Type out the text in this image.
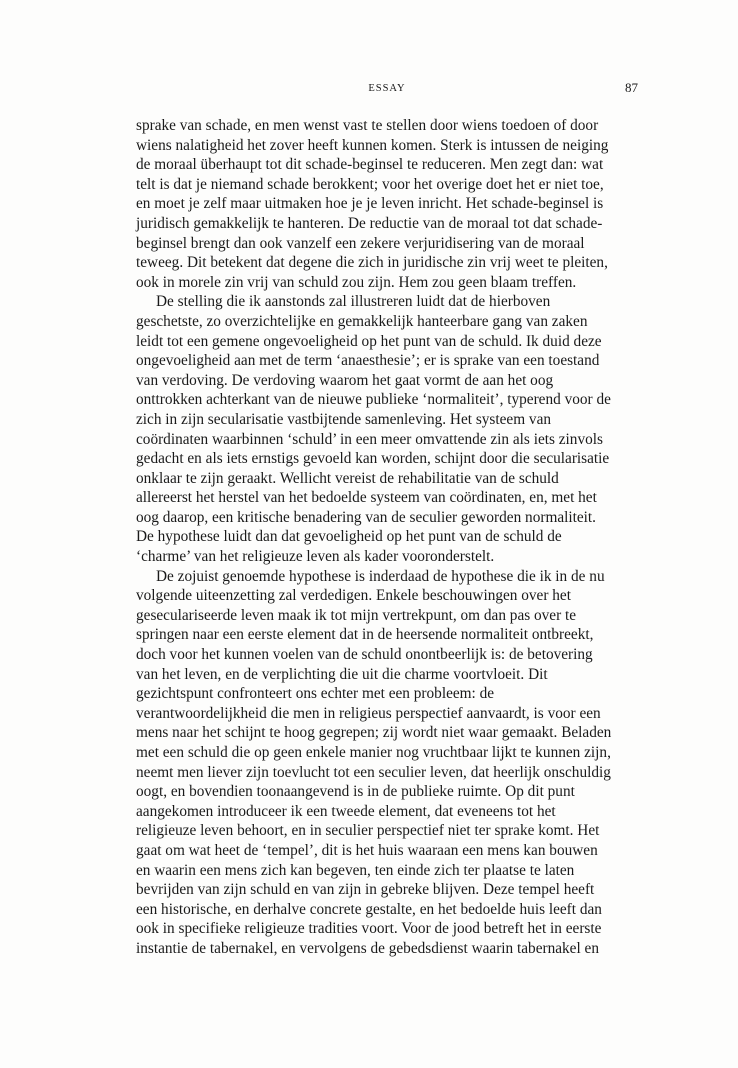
ESSAY	87
sprake van schade, en men wenst vast te stellen door wiens toedoen of door
wiens nalatigheid het zover heeft kunnen komen. Sterk is intussen de neiging
de moraal überhaupt tot dit schade-beginsel te reduceren. Men zegt dan: wat
telt is dat je niemand schade berokkent; voor het overige doet het er niet toe,
en moet je zelf maar uitmaken hoe je je leven inricht. Het schade-beginsel is
juridisch gemakkelijk te hanteren. De reductie van de moraal tot dat schade-
beginsel brengt dan ook vanzelf een zekere verjuridisering van de moraal
teweeg. Dit betekent dat degene die zich in juridische zin vrij weet te pleiten,
ook in morele zin vrij van schuld zou zijn. Hem zou geen blaam treffen.
De stelling die ik aanstonds zal illustreren luidt dat de hierboven
geschetste, zo overzichtelijke en gemakkelijk hanteerbare gang van zaken
leidt tot een gemene ongevoeligheid op het punt van de schuld. Ik duid deze
ongevoeligheid aan met de term ‘anaesthesie’; er is sprake van een toestand
van verdoving. De verdoving waarom het gaat vormt de aan het oog
onttrokken achterkant van de nieuwe publieke ‘normaliteit’, typerend voor de
zich in zijn secularisatie vastbijtende samenleving. Het systeem van
coördinaten waarbinnen ‘schuld’ in een meer omvattende zin als iets zinvols
gedacht en als iets ernstigs gevoeld kan worden, schijnt door die secularisatie
onklaar te zijn geraakt. Wellicht vereist de rehabilitatie van de schuld
allereerst het herstel van het bedoelde systeem van coördinaten, en, met het
oog daarop, een kritische benadering van de seculier geworden normaliteit.
De hypothese luidt dan dat gevoeligheid op het punt van de schuld de
‘charme’ van het religieuze leven als kader vooronderstelt.
De zojuist genoemde hypothese is inderdaad de hypothese die ik in de nu
volgende uiteenzetting zal verdedigen. Enkele beschouwingen over het
geseculariseerde leven maak ik tot mijn vertrekpunt, om dan pas over te
springen naar een eerste element dat in de heersende normaliteit ontbreekt,
doch voor het kunnen voelen van de schuld onontbeerlijk is: de betovering
van het leven, en de verplichting die uit die charme voortvloeit. Dit
gezichtspunt confronteert ons echter met een probleem: de
verantwoordelijkheid die men in religieus perspectief aanvaardt, is voor een
mens naar het schijnt te hoog gegrepen; zij wordt niet waar gemaakt. Beladen
met een schuld die op geen enkele manier nog vruchtbaar lijkt te kunnen zijn,
neemt men liever zijn toevlucht tot een seculier leven, dat heerlijk onschuldig
oogt, en bovendien toonaangevend is in de publieke ruimte. Op dit punt
aangekomen introduceer ik een tweede element, dat eveneens tot het
religieuze leven behoort, en in seculier perspectief niet ter sprake komt. Het
gaat om wat heet de ‘tempel’, dit is het huis waaraan een mens kan bouwen
en waarin een mens zich kan begeven, ten einde zich ter plaatse te laten
bevrijden van zijn schuld en van zijn in gebreke blijven. Deze tempel heeft
een historische, en derhalve concrete gestalte, en het bedoelde huis leeft dan
ook in specifieke religieuze tradities voort. Voor de jood betreft het in eerste
instantie de tabernakel, en vervolgens de gebedsdienst waarin tabernakel en
